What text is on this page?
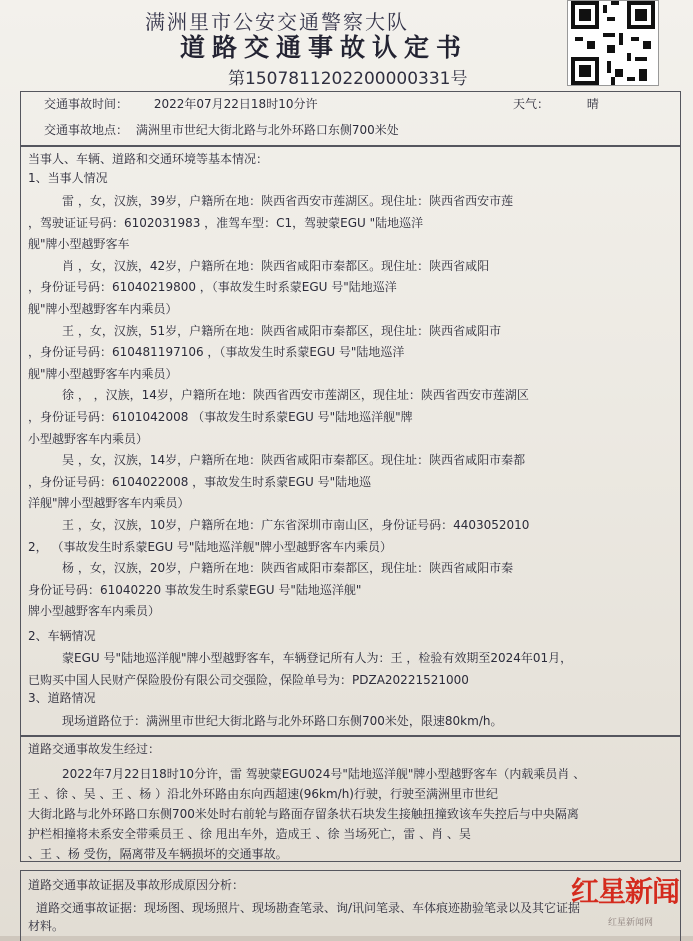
满洲里市公安交通警察大队
道路交通事故认定书
第150781120220000033​1号
交通事故时间： 2022年07月22日18时10分许	天气：	晴
交通事故地点： 满洲里市世纪大街北路与北外环路口东侧700米处
当事人、车辆、道路和交通环境等基本情况：
1、当事人情况
雷 ，女，汉族，39岁，户籍所在地：陕西省西安市莲湖区。现住址：陕西省西安市莲
，驾驶证证号码：6102031983 ，准驾车型：C1，驾驶蒙EGU "陆地巡洋
舰"牌小型越野客车
肖 ，女，汉族，42岁，户籍所在地：陕西省咸阳市秦都区。现住址：陕西省咸阳
，身份证号码：61040219800 ，（事故发生时系蒙EGU 号"陆地巡洋
舰"牌小型越野客车内乘员）
王 ，女，汉族，51岁，户籍所在地：陕西省咸阳市秦都区，现住址：陕西省咸阳市
，身份证号码：610481197106 ，（事故发生时系蒙EGU 号"陆地巡洋
舰"牌小型越野客车内乘员）
徐 ， ，汉族，14岁，户籍所在地：陕西省西安市莲湖区，现住址：陕西省西安市莲湖区
，身份证号码：6101042008 （事故发生时系蒙EGU 号"陆地巡洋舰"牌
小型越野客车内乘员）
吴 ，女，汉族，14岁，户籍所在地：陕西省咸阳市秦都区。现住址：陕西省咸阳市秦都
，身份证号码：6104022008 ，事故发生时系蒙EGU 号"陆地巡
洋舰"牌小型越野客车内乘员）
王 ，女，汉族，10岁，户籍所在地：广东省深圳市南山区，身份证号码：4403052010
2， （事故发生时系蒙EGU 号"陆地巡洋舰"牌小型越野客车内乘员）
杨 ，女，汉族，20岁，户籍所在地：陕西省咸阳市秦都区，现住址：陕西省咸阳市秦
身份证号码：61040220 事故发生时系蒙EGU 号"陆地巡洋舰"
牌小型越野客车内乘员）
2、车辆情况
蒙EGU 号"陆地巡洋舰"牌小型越野客车，车辆登记所有人为：王 ，检验有效期至2024年01月，
已购买中国人民财产保险股份有限公司交强险，保险单号为：PDZA20221521000
3、道路情况
现场道路位于：满洲里市世纪大街北路与北外环路口东侧700米处，限速80km/h。
道路交通事故发生经过：
2022年7月22日18时10分许，雷 驾驶蒙EGU024号"陆地巡洋舰"牌小型越野客车（内载乘员肖 、
王 、徐 、吴 、王 、杨 ）沿北外环路由东向西超速(96km/h)行驶，行驶至满洲里市世纪
大街北路与北外环路口东侧700米处时右前轮与路面存留条状石块发生接触扭撞致该车失控后与中央隔离
护栏相撞将未系安全带乘员王 、徐 甩出车外，造成王 、徐 当场死亡，雷 、肖 、吴
、王 、杨 受伤，隔离带及车辆损坏的交通事故。
道路交通事故证据及事故形成原因分析：
道路交通事故证据：现场图、现场照片、现场勘查笔录、询/讯问笔录、车体痕迹勘验笔录以及其它证据
材料。
红星新闻
红星新闻网
